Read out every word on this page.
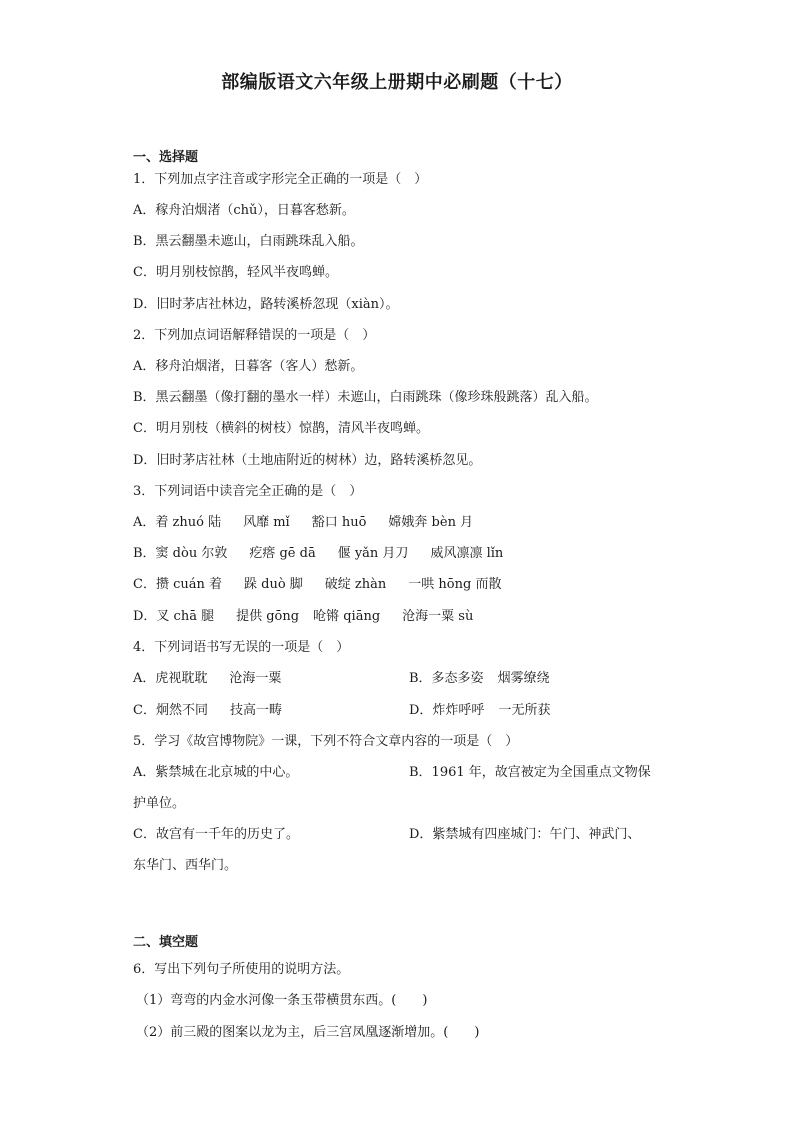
部编版语文六年级上册期中必刷题（十七）
一、选择题
1．下列加点字注音或字形完全正确的一项是（　）
A．稼舟泊烟渚（chǔ），日暮客愁新。
B．黑云翻墨未遮山，白雨跳珠乱入船。
C．明月别枝惊鹊，轻风半夜鸣蝉。
D．旧时茅店社林边，路转溪桥忽现（xiàn）。
2．下列加点词语解释错误的一项是（　）
A．移舟泊烟渚，日暮客（客人）愁新。
B．黑云翻墨（像打翻的墨水一样）未遮山，白雨跳珠（像珍珠般跳落）乱入船。
C．明月别枝（横斜的树枝）惊鹊，清风半夜鸣蝉。
D．旧时茅店社林（土地庙附近的树林）边，路转溪桥忽见。
3．下列词语中读音完全正确的是（　）
A．着 zhuó 陆 风靡 mǐ 豁口 huō 嫦娥奔 bèn 月
B．窦 dòu 尔敦 疙瘩 gē dā 偃 yǎn 月刀 威风凛凛 lǐn
C．攒 cuán 着 跺 duò 脚 破绽 zhàn 一哄 hōng 而散
D．叉 chā 腿 提供 gōng 呛锵 qiāng 沧海一粟 sù
4．下列词语书写无误的一项是（　）
A．虎视耽耽 沧海一粟	B．多态多姿 烟雾缭绕
C．炯然不同 技高一畴	D．炸炸呼呼 一无所获
5．学习《故宫博物院》一课，下列不符合文章内容的一项是（　）
A．紫禁城在北京城的中心。	B．1961 年，故宫被定为全国重点文物保
护单位。
C．故宫有一千年的历史了。	D．紫禁城有四座城门：午门、神武门、
东华门、西华门。
二、填空题
6．写出下列句子所使用的说明方法。
（1）弯弯的内金水河像一条玉带横贯东西。(　　)
（2）前三殿的图案以龙为主，后三宫凤凰逐渐增加。(　　)
